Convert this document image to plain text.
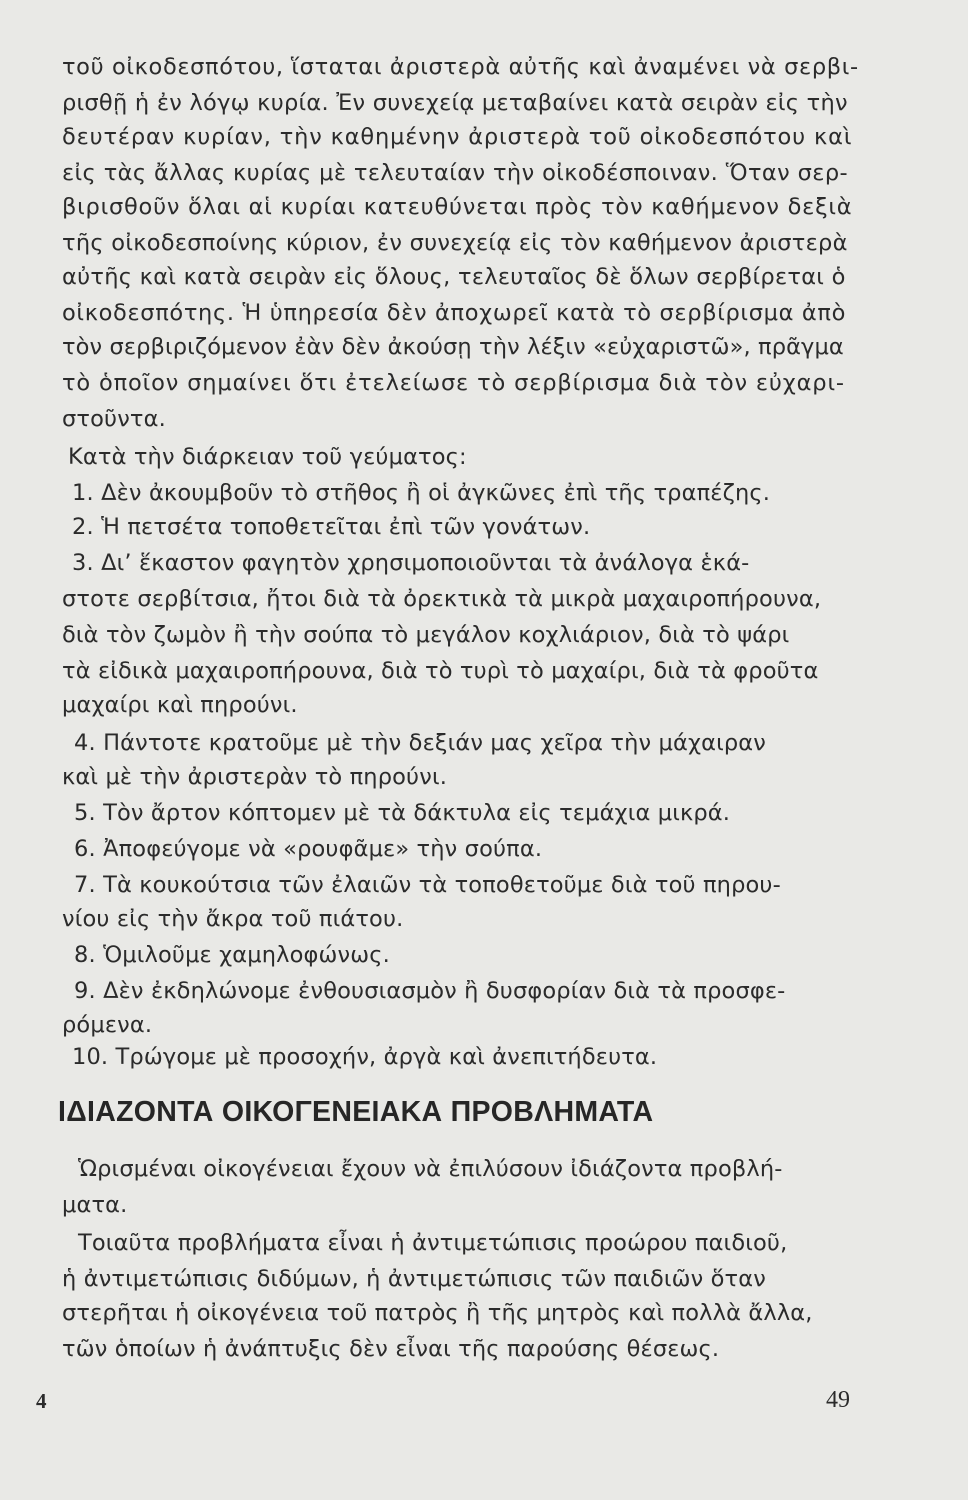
τοῦ οἰκοδεσπότου, ἵσταται ἀριστερὰ αὐτῆς καὶ ἀναμένει νὰ σερβι-
ρισθῇ ἡ ἐν λόγῳ κυρία. Ἐν συνεχείᾳ μεταβαίνει κατὰ σειρὰν εἰς τὴν
δευτέραν κυρίαν, τὴν καθημένην ἀριστερὰ τοῦ οἰκοδεσπότου καὶ
εἰς τὰς ἄλλας κυρίας μὲ τελευταίαν τὴν οἰκοδέσποιναν. Ὅταν σερ-
βιρισθοῦν ὅλαι αἱ κυρίαι κατευθύνεται πρὸς τὸν καθήμενον δεξιὰ
τῆς οἰκοδεσποίνης κύριον, ἐν συνεχείᾳ εἰς τὸν καθήμενον ἀριστερὰ
αὐτῆς καὶ κατὰ σειρὰν εἰς ὅλους, τελευταῖος δὲ ὅλων σερβίρεται ὁ
οἰκοδεσπότης. Ἡ ὑπηρεσία δὲν ἀποχωρεῖ κατὰ τὸ σερβίρισμα ἀπὸ
τὸν σερβιριζόμενον ἐὰν δὲν ἀκούσῃ τὴν λέξιν «εὐχαριστῶ», πρᾶγμα
τὸ ὁποῖον σημαίνει ὅτι ἐτελείωσε τὸ σερβίρισμα διὰ τὸν εὐχαρι-
στοῦντα.
Κατὰ τὴν διάρκειαν τοῦ γεύματος:
1. Δὲν ἀκουμβοῦν τὸ στῆθος ἢ οἱ ἀγκῶνες ἐπὶ τῆς τραπέζης.
2. Ἡ πετσέτα τοποθετεῖται ἐπὶ τῶν γονάτων.
3. Δι’ ἕκαστον φαγητὸν χρησιμοποιοῦνται τὰ ἀνάλογα ἑκά-
στοτε σερβίτσια, ἤτοι διὰ τὰ ὀρεκτικὰ τὰ μικρὰ μαχαιροπήρουνα,
διὰ τὸν ζωμὸν ἢ τὴν σούπα τὸ μεγάλον κοχλιάριον, διὰ τὸ ψάρι
τὰ εἰδικὰ μαχαιροπήρουνα, διὰ τὸ τυρὶ τὸ μαχαίρι, διὰ τὰ φροῦτα
μαχαίρι καὶ πηρούνι.
4. Πάντοτε κρατοῦμε μὲ τὴν δεξιάν μας χεῖρα τὴν μάχαιραν
καὶ μὲ τὴν ἀριστερὰν τὸ πηρούνι.
5. Τὸν ἄρτον κόπτομεν μὲ τὰ δάκτυλα εἰς τεμάχια μικρά.
6. Ἀποφεύγομε νὰ «ρουφᾶμε» τὴν σούπα.
7. Τὰ κουκούτσια τῶν ἐλαιῶν τὰ τοποθετοῦμε διὰ τοῦ πηρου-
νίου εἰς τὴν ἄκρα τοῦ πιάτου.
8. Ὁμιλοῦμε χαμηλοφώνως.
9. Δὲν ἐκδηλώνομε ἐνθουσιασμὸν ἢ δυσφορίαν διὰ τὰ προσφε-
ρόμενα.
10. Τρώγομε μὲ προσοχήν, ἀργὰ καὶ ἀνεπιτήδευτα.
ΙΔΙΑΖΟΝΤΑ ΟΙΚΟΓΕΝΕΙΑΚΑ ΠΡΟΒΛΗΜΑΤΑ
Ὡρισμέναι οἰκογένειαι ἔχουν νὰ ἐπιλύσουν ἰδιάζοντα προβλή-
ματα.
Τοιαῦτα προβλήματα εἶναι ἡ ἀντιμετώπισις προώρου παιδιοῦ,
ἡ ἀντιμετώπισις διδύμων, ἡ ἀντιμετώπισις τῶν παιδιῶν ὅταν
στερῆται ἡ οἰκογένεια τοῦ πατρὸς ἢ τῆς μητρὸς καὶ πολλὰ ἄλλα,
τῶν ὁποίων ἡ ἀνάπτυξις δὲν εἶναι τῆς παρούσης θέσεως.
4	49
